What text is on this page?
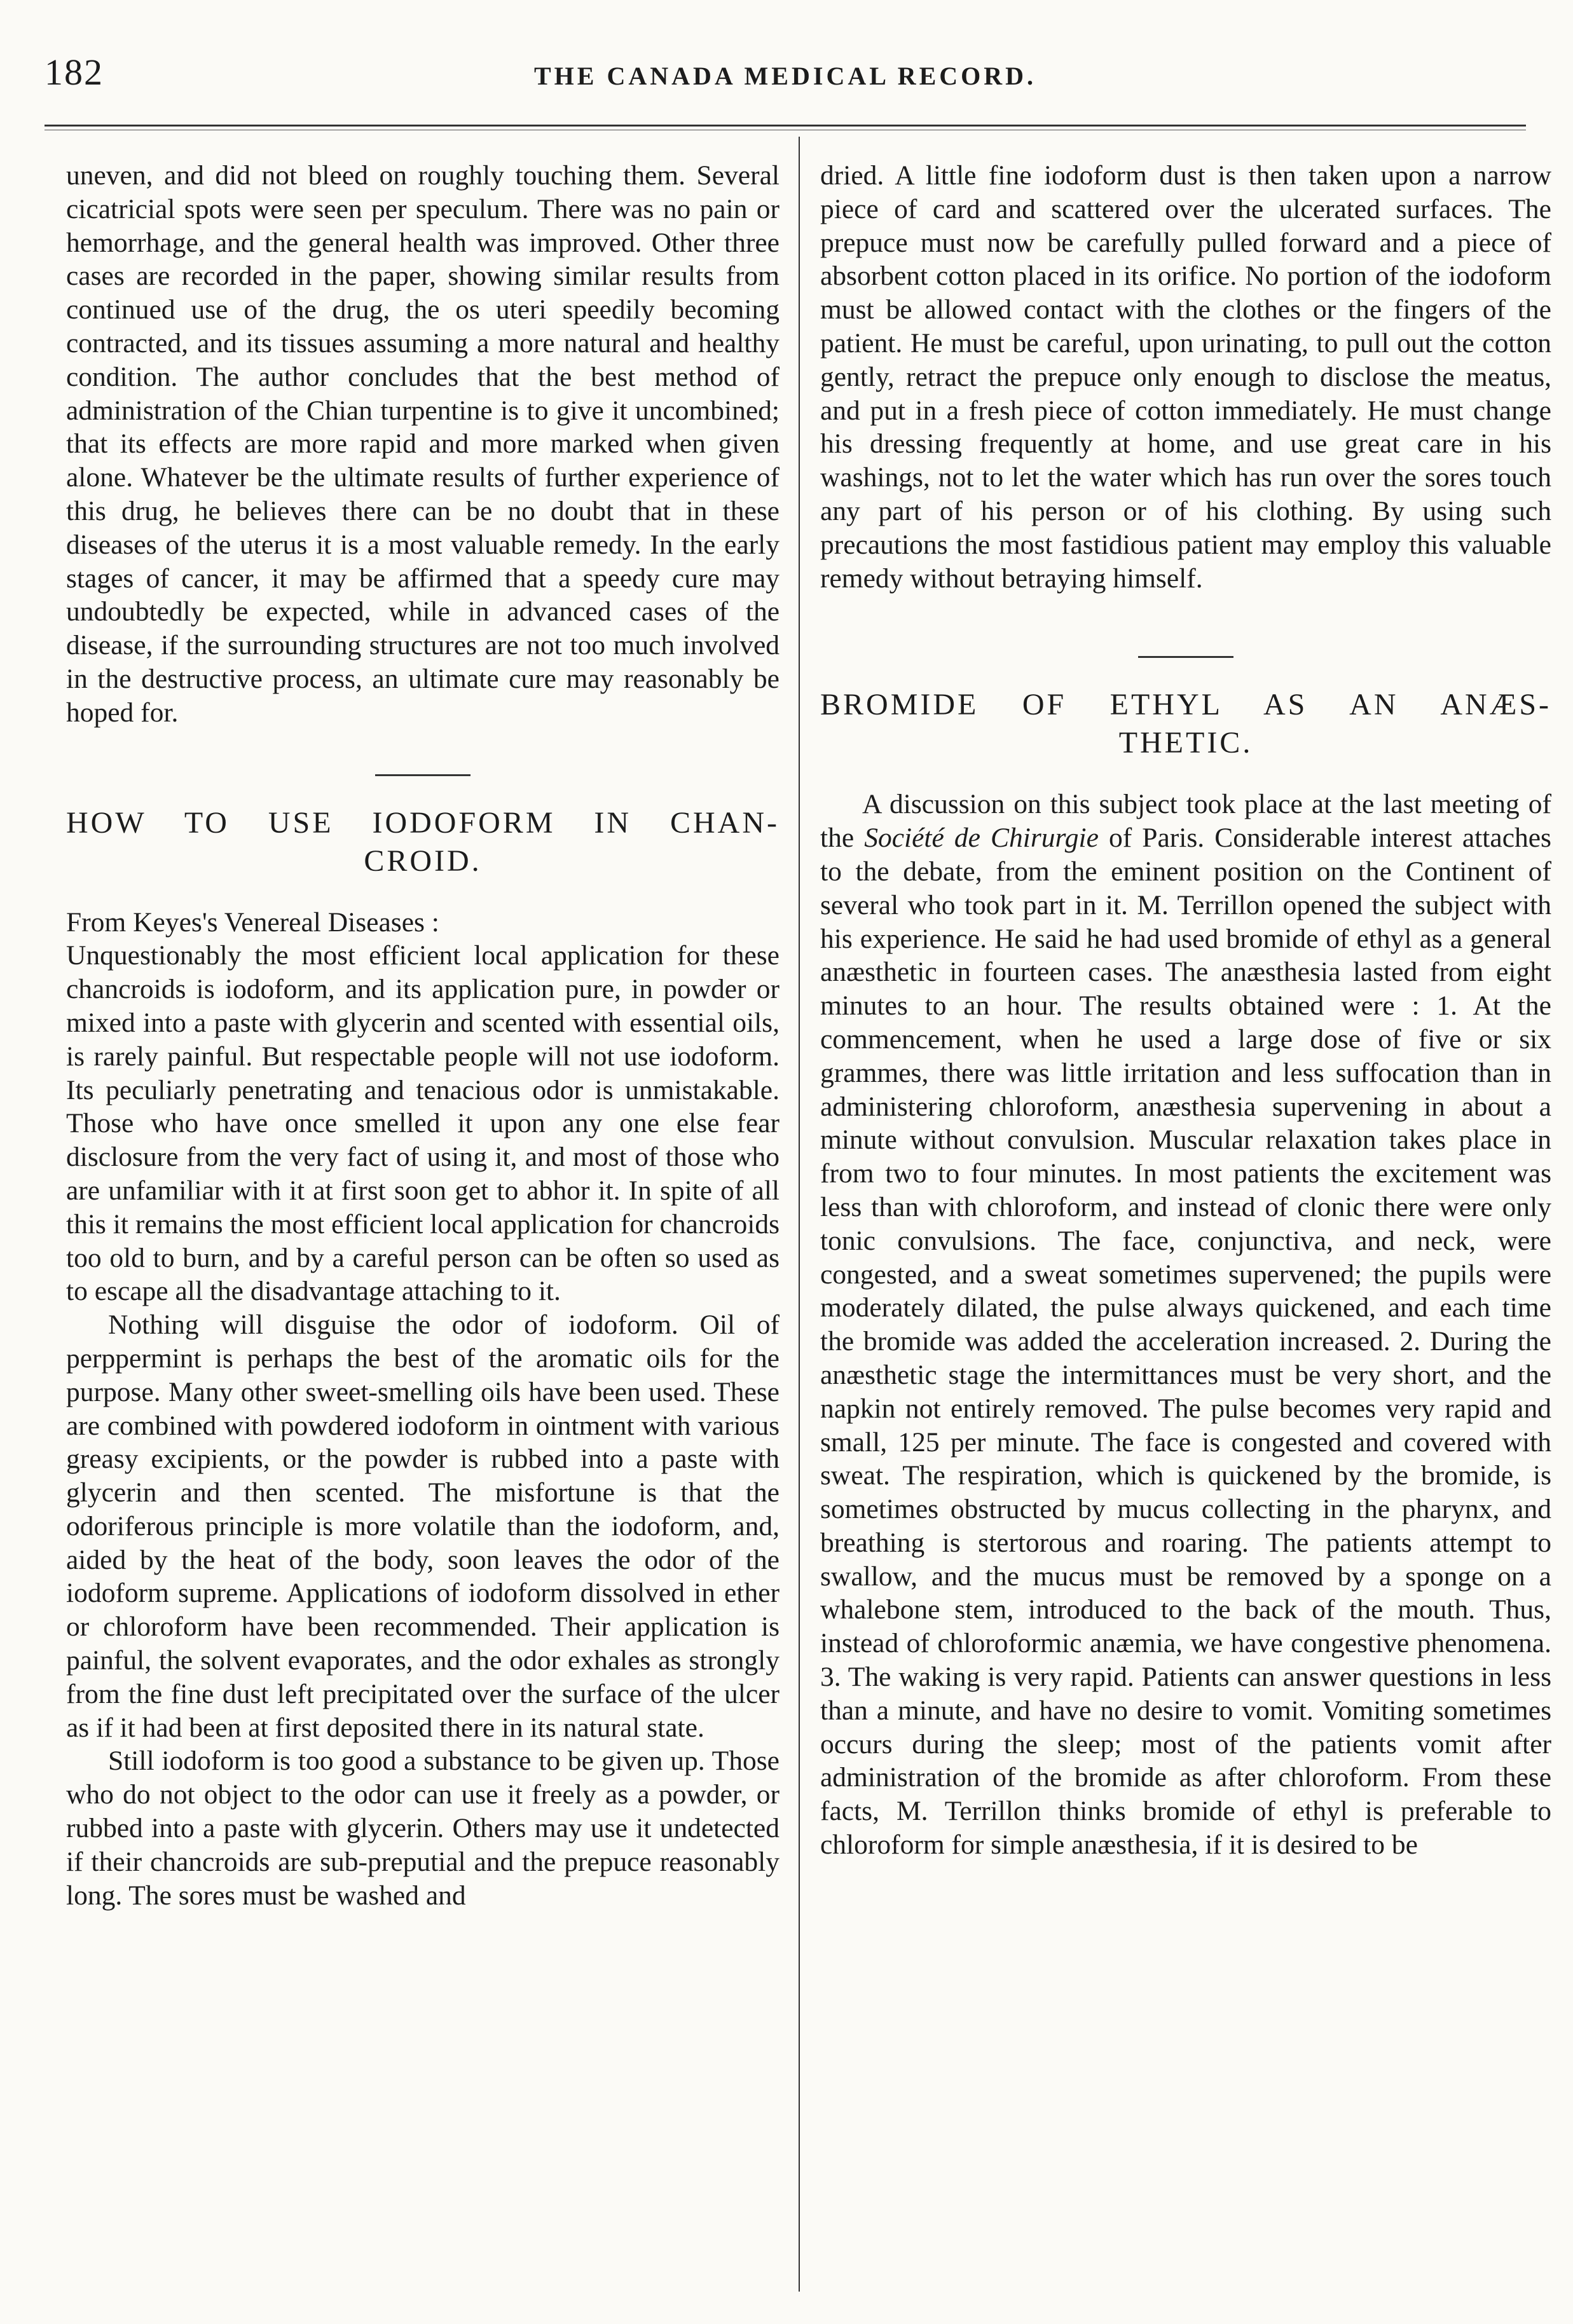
182	THE CANADA MEDICAL RECORD.

uneven, and did not bleed on roughly touching them. Several cicatricial spots were seen per speculum. There was no pain or hemorrhage, and the general health was improved. Other three cases are recorded in the paper, showing similar results from continued use of the drug, the os uteri speedily becoming contracted, and its tissues assuming a more natural and healthy condition. The author concludes that the best method of administration of the Chian turpentine is to give it uncombined; that its effects are more rapid and more marked when given alone. Whatever be the ultimate results of further experience of this drug, he believes there can be no doubt that in these diseases of the uterus it is a most valuable remedy. In the early stages of cancer, it may be affirmed that a speedy cure may undoubtedly be expected, while in advanced cases of the disease, if the surrounding structures are not too much involved in the destructive process, an ultimate cure may reasonably be hoped for.

HOW TO USE IODOFORM IN CHAN-
CROID.

From Keyes's Venereal Diseases :

Unquestionably the most efficient local application for these chancroids is iodoform, and its application pure, in powder or mixed into a paste with glycerin and scented with essential oils, is rarely painful. But respectable people will not use iodoform. Its peculiarly penetrating and tenacious odor is unmistakable. Those who have once smelled it upon any one else fear disclosure from the very fact of using it, and most of those who are unfamiliar with it at first soon get to abhor it. In spite of all this it remains the most efficient local application for chancroids too old to burn, and by a careful person can be often so used as to escape all the disadvantage attaching to it.

Nothing will disguise the odor of iodoform. Oil of perppermint is perhaps the best of the aromatic oils for the purpose. Many other sweet-smelling oils have been used. These are combined with powdered iodoform in ointment with various greasy excipients, or the powder is rubbed into a paste with glycerin and then scented. The misfortune is that the odoriferous principle is more volatile than the iodoform, and, aided by the heat of the body, soon leaves the odor of the iodoform supreme. Applications of iodoform dissolved in ether or chloroform have been recommended. Their application is painful, the solvent evaporates, and the odor exhales as strongly from the fine dust left precipitated over the surface of the ulcer as if it had been at first deposited there in its natural state.

Still iodoform is too good a substance to be given up. Those who do not object to the odor can use it freely as a powder, or rubbed into a paste with glycerin. Others may use it undetected if their chancroids are sub-preputial and the prepuce reasonably long. The sores must be washed and

dried. A little fine iodoform dust is then taken upon a narrow piece of card and scattered over the ulcerated surfaces. The prepuce must now be carefully pulled forward and a piece of absorbent cotton placed in its orifice. No portion of the iodoform must be allowed contact with the clothes or the fingers of the patient. He must be careful, upon urinating, to pull out the cotton gently, retract the prepuce only enough to disclose the meatus, and put in a fresh piece of cotton immediately. He must change his dressing frequently at home, and use great care in his washings, not to let the water which has run over the sores touch any part of his person or of his clothing. By using such precautions the most fastidious patient may employ this valuable remedy without betraying himself.

BROMIDE OF ETHYL AS AN ANÆS-
THETIC.

A discussion on this subject took place at the last meeting of the Société de Chirurgie of Paris. Considerable interest attaches to the debate, from the eminent position on the Continent of several who took part in it. M. Terrillon opened the subject with his experience. He said he had used bromide of ethyl as a general anæsthetic in fourteen cases. The anæsthesia lasted from eight minutes to an hour. The results obtained were : 1. At the commencement, when he used a large dose of five or six grammes, there was little irritation and less suffocation than in administering chloroform, anæsthesia supervening in about a minute without convulsion. Muscular relaxation takes place in from two to four minutes. In most patients the excitement was less than with chloroform, and instead of clonic there were only tonic convulsions. The face, conjunctiva, and neck, were congested, and a sweat sometimes supervened; the pupils were moderately dilated, the pulse always quickened, and each time the bromide was added the acceleration increased. 2. During the anæsthetic stage the intermittances must be very short, and the napkin not entirely removed. The pulse becomes very rapid and small, 125 per minute. The face is congested and covered with sweat. The respiration, which is quickened by the bromide, is sometimes obstructed by mucus collecting in the pharynx, and breathing is stertorous and roaring. The patients attempt to swallow, and the mucus must be removed by a sponge on a whalebone stem, introduced to the back of the mouth. Thus, instead of chloroformic anæmia, we have congestive phenomena. 3. The waking is very rapid. Patients can answer questions in less than a minute, and have no desire to vomit. Vomiting sometimes occurs during the sleep; most of the patients vomit after administration of the bromide as after chloroform. From these facts, M. Terrillon thinks bromide of ethyl is preferable to chloroform for simple anæsthesia, if it is desired to be
